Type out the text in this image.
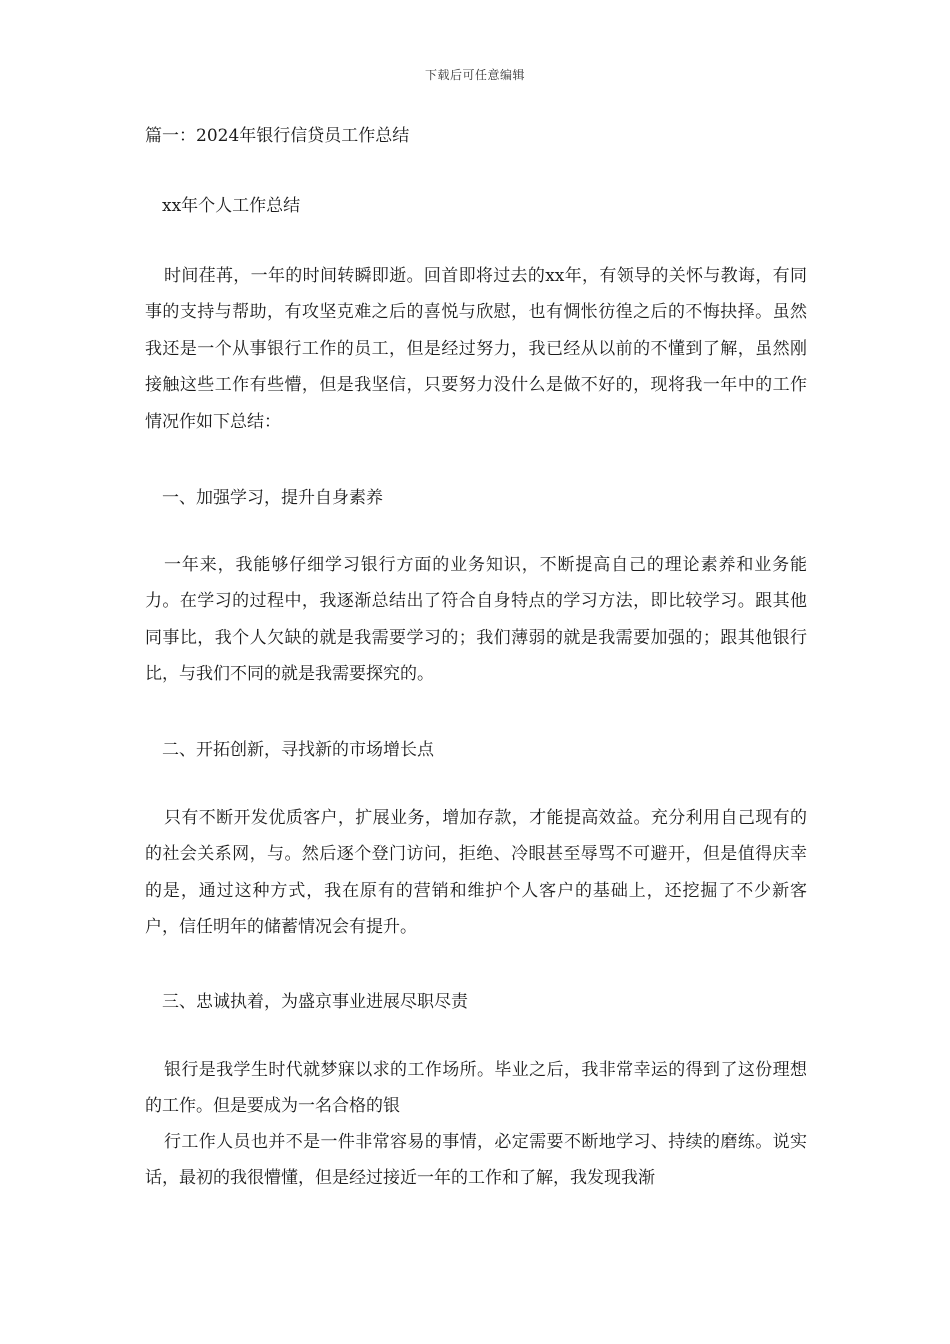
下载后可任意编辑
篇一：2024年银行信贷员工作总结
xx年个人工作总结

时间荏苒，一年的时间转瞬即逝。回首即将过去的xx年，有领导的关怀与教诲，有同事的支持与帮助，有攻坚克难之后的喜悦与欣慰，也有惆怅彷徨之后的不悔抉择。虽然我还是一个从事银行工作的员工，但是经过努力，我已经从以前的不懂到了解，虽然刚接触这些工作有些懵，但是我坚信，只要努力没什么是做不好的，现将我一年中的工作情况作如下总结：

一、加强学习，提升自身素养

一年来，我能够仔细学习银行方面的业务知识，不断提高自己的理论素养和业务能力。在学习的过程中，我逐渐总结出了符合自身特点的学习方法，即比较学习。跟其他同事比，我个人欠缺的就是我需要学习的；我们薄弱的就是我需要加强的；跟其他银行比，与我们不同的就是我需要探究的。

二、开拓创新，寻找新的市场增长点

只有不断开发优质客户，扩展业务，增加存款，才能提高效益。充分利用自己现有的的社会关系网，与。然后逐个登门访问，拒绝、冷眼甚至辱骂不可避开，但是值得庆幸的是，通过这种方式，我在原有的营销和维护个人客户的基础上，还挖掘了不少新客户，信任明年的储蓄情况会有提升。

三、忠诚执着，为盛京事业进展尽职尽责

银行是我学生时代就梦寐以求的工作场所。毕业之后，我非常幸运的得到了这份理想的工作。但是要成为一名合格的银

行工作人员也并不是一件非常容易的事情，必定需要不断地学习、持续的磨练。说实话，最初的我很懵懂，但是经过接近一年的工作和了解，我发现我渐
